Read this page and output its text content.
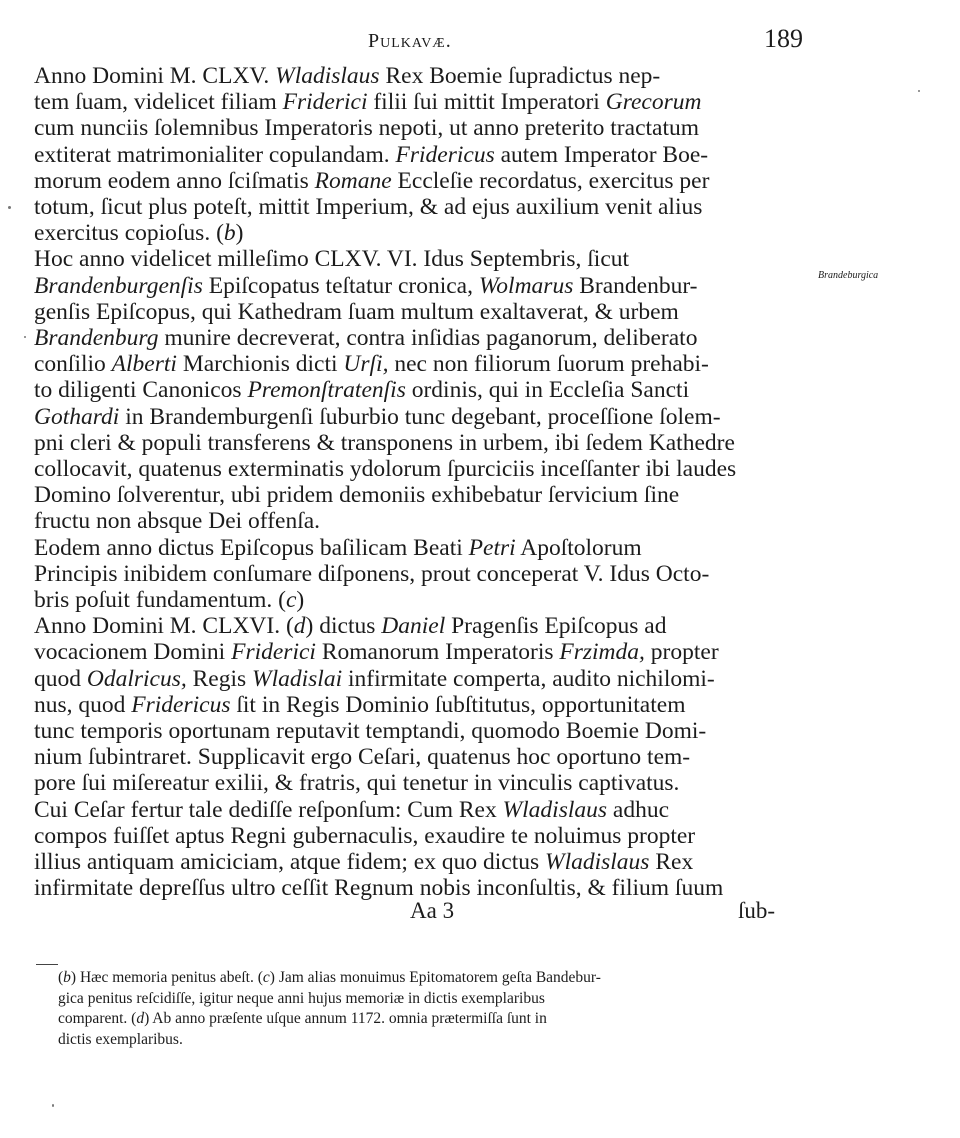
Pulkavæ.	189
Anno Domini M. CLXV. Wladislaus Rex Boemie ſupradictus nep-
tem ſuam, videlicet filiam Friderici filii ſui mittit Imperatori Grecorum
cum nunciis ſolemnibus Imperatoris nepoti, ut anno preterito tractatum
extiterat matrimonialiter copulandam. Fridericus autem Imperator Boe-
morum eodem anno ſciſmatis Romane Eccleſie recordatus, exercitus per
totum, ſicut plus poteſt, mittit Imperium, & ad ejus auxilium venit alius
exercitus copioſus. (b)
Hoc anno videlicet milleſimo CLXV. VI. Idus Septembris, ſicut
Brandenburgenſis Epiſcopatus teſtatur cronica, Wolmarus Brandenbur-
genſis Epiſcopus, qui Kathedram ſuam multum exaltaverat, & urbem
Brandenburg munire decreverat, contra inſidias paganorum, deliberato
conſilio Alberti Marchionis dicti Urſi, nec non filiorum ſuorum prehabi-
to diligenti Canonicos Premonſtratenſis ordinis, qui in Eccleſia Sancti
Gothardi in Brandemburgenſi ſuburbio tunc degebant, proceſſione ſolem-
pni cleri & populi transferens & transponens in urbem, ibi ſedem Kathedre
collocavit, quatenus exterminatis ydolorum ſpurciciis inceſſanter ibi laudes
Domino ſolverentur, ubi pridem demoniis exhibebatur ſervicium ſine
fructu non absque Dei offenſa.
Eodem anno dictus Epiſcopus baſilicam Beati Petri Apoſtolorum
Principis inibidem conſumare diſponens, prout conceperat V. Idus Octo-
bris poſuit fundamentum. (c)
Anno Domini M. CLXVI. (d) dictus Daniel Pragenſis Epiſcopus ad
vocacionem Domini Friderici Romanorum Imperatoris Frzimda, propter
quod Odalricus, Regis Wladislai infirmitate comperta, audito nichilomi-
nus, quod Fridericus ſit in Regis Dominio ſubſtitutus, opportunitatem
tunc temporis oportunam reputavit temptandi, quomodo Boemie Domi-
nium ſubintraret. Supplicavit ergo Ceſari, quatenus hoc oportuno tem-
pore ſui miſereatur exilii, & fratris, qui tenetur in vinculis captivatus.
Cui Ceſar fertur tale dediſſe reſponſum: Cum Rex Wladislaus adhuc
compos fuiſſet aptus Regni gubernaculis, exaudire te noluimus propter
illius antiquam amiciciam, atque fidem; ex quo dictus Wladislaus Rex
infirmitate depreſſus ultro ceſſit Regnum nobis inconſultis, & filium ſuum
Brandeburgica
Aa 3	ſub-
(b) Hæc memoria penitus abeſt. (c) Jam alias monuimus Epitomatorem geſta Bandebur-
gica penitus reſcidiſſe, igitur neque anni hujus memoriæ in dictis exemplaribus
comparent. (d) Ab anno præſente uſque annum 1172. omnia prætermiſſa ſunt in
dictis exemplaribus.
